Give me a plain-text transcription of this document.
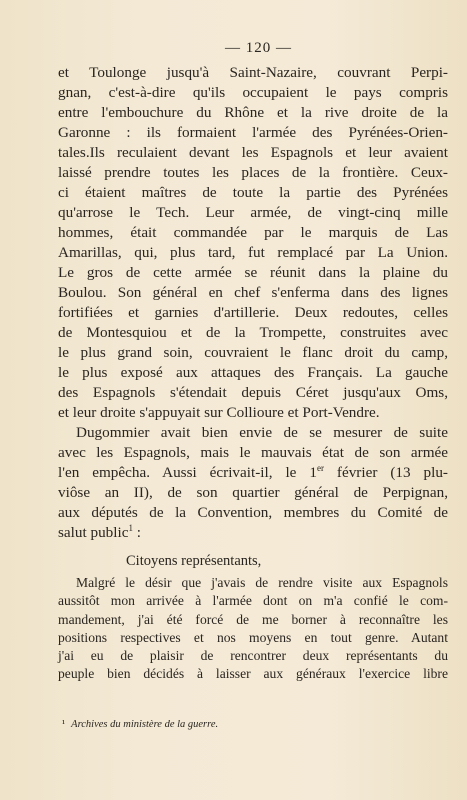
— 120 —
et Toulonge jusqu'à Saint-Nazaire, couvrant Perpi-
gnan, c'est-à-dire qu'ils occupaient le pays compris
entre l'embouchure du Rhône et la rive droite de la
Garonne : ils formaient l'armée des Pyrénées-Orien-
tales.Ils reculaient devant les Espagnols et leur avaient
laissé prendre toutes les places de la frontière. Ceux-
ci étaient maîtres de toute la partie des Pyrénées
qu'arrose le Tech. Leur armée, de vingt-cinq mille
hommes, était commandée par le marquis de Las
Amarillas, qui, plus tard, fut remplacé par La Union.
Le gros de cette armée se réunit dans la plaine du
Boulou. Son général en chef s'enferma dans des lignes
fortifiées et garnies d'artillerie. Deux redoutes, celles
de Montesquiou et de la Trompette, construites avec
le plus grand soin, couvraient le flanc droit du camp,
le plus exposé aux attaques des Français. La gauche
des Espagnols s'étendait depuis Céret jusqu'aux Oms,
et leur droite s'appuyait sur Collioure et Port-Vendre.
Dugommier avait bien envie de se mesurer de suite
avec les Espagnols, mais le mauvais état de son armée
l'en empêcha. Aussi écrivait-il, le 1er février (13 plu-
viôse an II), de son quartier général de Perpignan,
aux députés de la Convention, membres du Comité de
salut public$^1$ :
Citoyens représentants,
Malgré le désir que j'avais de rendre visite aux Espagnols
aussitôt mon arrivée à l'armée dont on m'a confié le com-
mandement, j'ai été forcé de me borner à reconnaître les
positions respectives et nos moyens en tout genre. Autant
j'ai eu de plaisir de rencontrer deux représentants du
peuple bien décidés à laisser aux généraux l'exercice libre
¹ Archives du ministère de la guerre.
